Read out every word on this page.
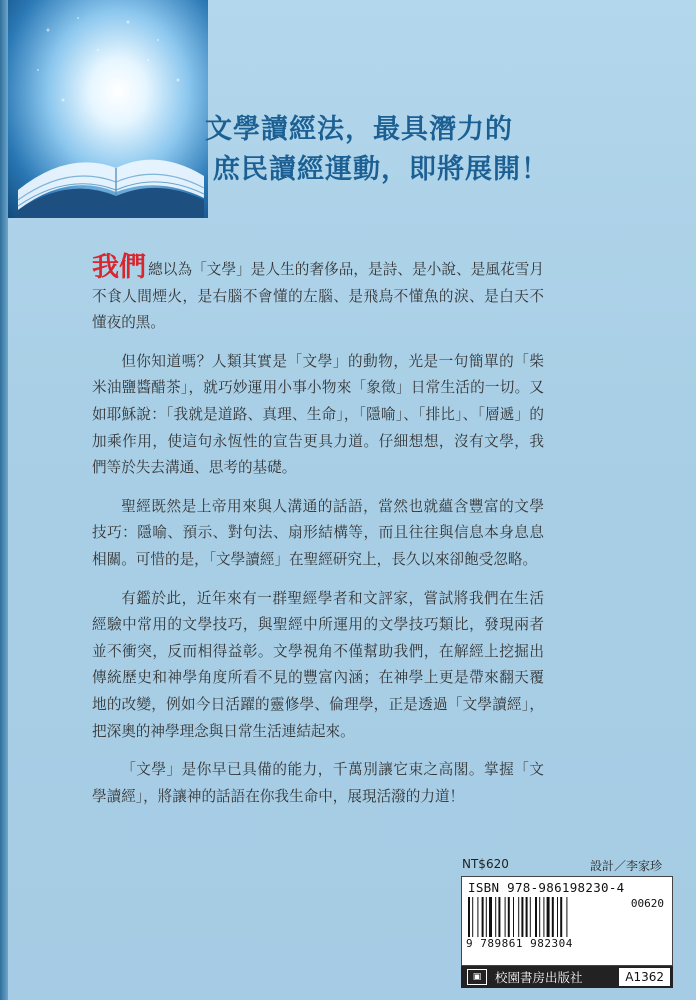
文學讀經法，最具潛力的
庶民讀經運動，即將展開！

我們 總以為「文學」是人生的奢侈品，是詩、是小說、是風花雪月不食人間煙火，是右腦不會懂的左腦、是飛鳥不懂魚的淚、是白天不懂夜的黑。

但你知道嗎？人類其實是「文學」的動物，光是一句簡單的「柴米油鹽醬醋茶」，就巧妙運用小事小物來「象徵」日常生活的一切。又如耶穌說：「我就是道路、真理、生命」，「隱喻」、「排比」、「層遞」的加乘作用，使這句永恆性的宣告更具力道。仔細想想，沒有文學，我們等於失去溝通、思考的基礎。

聖經既然是上帝用來與人溝通的話語，當然也就蘊含豐富的文學技巧：隱喻、預示、對句法、扇形結構等，而且往往與信息本身息息相關。可惜的是，「文學讀經」在聖經研究上，長久以來卻飽受忽略。

有鑑於此，近年來有一群聖經學者和文評家，嘗試將我們在生活經驗中常用的文學技巧，與聖經中所運用的文學技巧類比，發現兩者並不衝突，反而相得益彰。文學視角不僅幫助我們，在解經上挖掘出傳統歷史和神學角度所看不見的豐富內涵；在神學上更是帶來翻天覆地的改變，例如今日活躍的靈修學、倫理學，正是透過「文學讀經」，把深奧的神學理念與日常生活連結起來。

「文學」是你早已具備的能力，千萬別讓它束之高閣。掌握「文學讀經」，將讓神的話語在你我生命中，展現活潑的力道！

NT$620	設計／李家珍
ISBN 978-986198230-4
00620
9 789861 982304
▣	校園書房出版社	A1362
